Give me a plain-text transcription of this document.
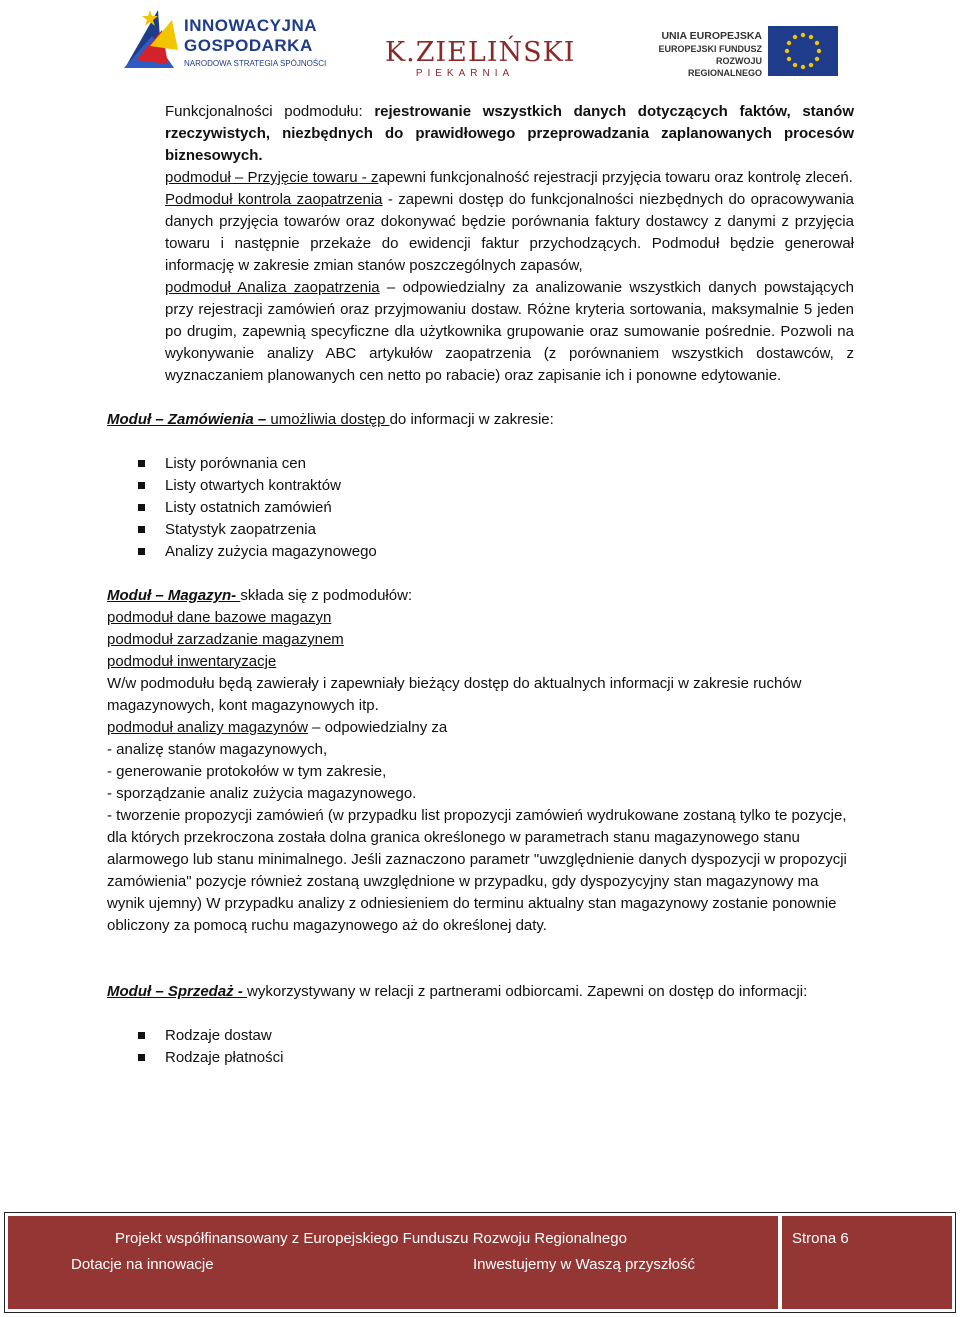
INNOWACYJNA
GOSPODARKA
NARODOWA STRATEGIA SPÓJNOŚCI K.ZIELIŃSKI
PIEKARNIA
UNIA EUROPEJSKA
EUROPEJSKI FUNDUSZ
ROZWOJU REGIONALNEGO

Funkcjonalności podmodułu: rejestrowanie wszystkich danych dotyczących faktów, stanów rzeczywistych, niezbędnych do prawidłowego przeprowadzania zaplanowanych procesów biznesowych.

podmoduł – Przyjęcie towaru - zapewni funkcjonalność rejestracji przyjęcia towaru oraz kontrolę zleceń.

Podmoduł kontrola zaopatrzenia - zapewni dostęp do funkcjonalności niezbędnych do opracowywania danych przyjęcia towarów oraz dokonywać będzie porównania faktury dostawcy z danymi z przyjęcia towaru i następnie przekaże do ewidencji faktur przychodzących. Podmoduł będzie generował informację w zakresie zmian stanów poszczególnych zapasów,

podmoduł Analiza zaopatrzenia – odpowiedzialny za analizowanie wszystkich danych powstających przy rejestracji zamówień oraz przyjmowaniu dostaw. Różne kryteria sortowania, maksymalnie 5 jeden po drugim, zapewnią specyficzne dla użytkownika grupowanie oraz sumowanie pośrednie. Pozwoli na wykonywanie analizy ABC artykułów zaopatrzenia (z porównaniem wszystkich dostawców, z wyznaczaniem planowanych cen netto po rabacie) oraz zapisanie ich i ponowne edytowanie.

Moduł – Zamówienia – umożliwia dostęp do informacji w zakresie:

Listy porównania cen
Listy otwartych kontraktów
Listy ostatnich zamówień
Statystyk zaopatrzenia
Analizy zużycia magazynowego

Moduł – Magazyn- składa się z podmodułów:

podmoduł dane bazowe magazyn

podmoduł zarzadzanie magazynem

podmoduł inwentaryzacje

W/w podmodułu będą zawierały i zapewniały bieżący dostęp do aktualnych informacji w zakresie ruchów magazynowych, kont magazynowych itp.

podmoduł analizy magazynów – odpowiedzialny za

- analizę stanów magazynowych,

- generowanie protokołów w tym zakresie,

- sporządzanie analiz zużycia magazynowego.

- tworzenie propozycji zamówień (w przypadku list propozycji zamówień wydrukowane zostaną tylko te pozycje, dla których przekroczona została dolna granica określonego w parametrach stanu magazynowego stanu alarmowego lub stanu minimalnego. Jeśli zaznaczono parametr "uwzględnienie danych dyspozycji w propozycji zamówienia" pozycje również zostaną uwzględnione w przypadku, gdy dyspozycyjny stan magazynowy ma wynik ujemny) W przypadku analizy z odniesieniem do terminu aktualny stan magazynowy zostanie ponownie obliczony za pomocą ruchu magazynowego aż do określonej daty.

Moduł – Sprzedaż - wykorzystywany w relacji z partnerami odbiorcami. Zapewni on dostęp do informacji:

Rodzaje dostaw
Rodzaje płatności
Projekt współfinansowany z Europejskiego Funduszu Rozwoju Regionalnego
Dotacje na innowacje	Inwestujemy w Waszą przyszłość
Strona 6
